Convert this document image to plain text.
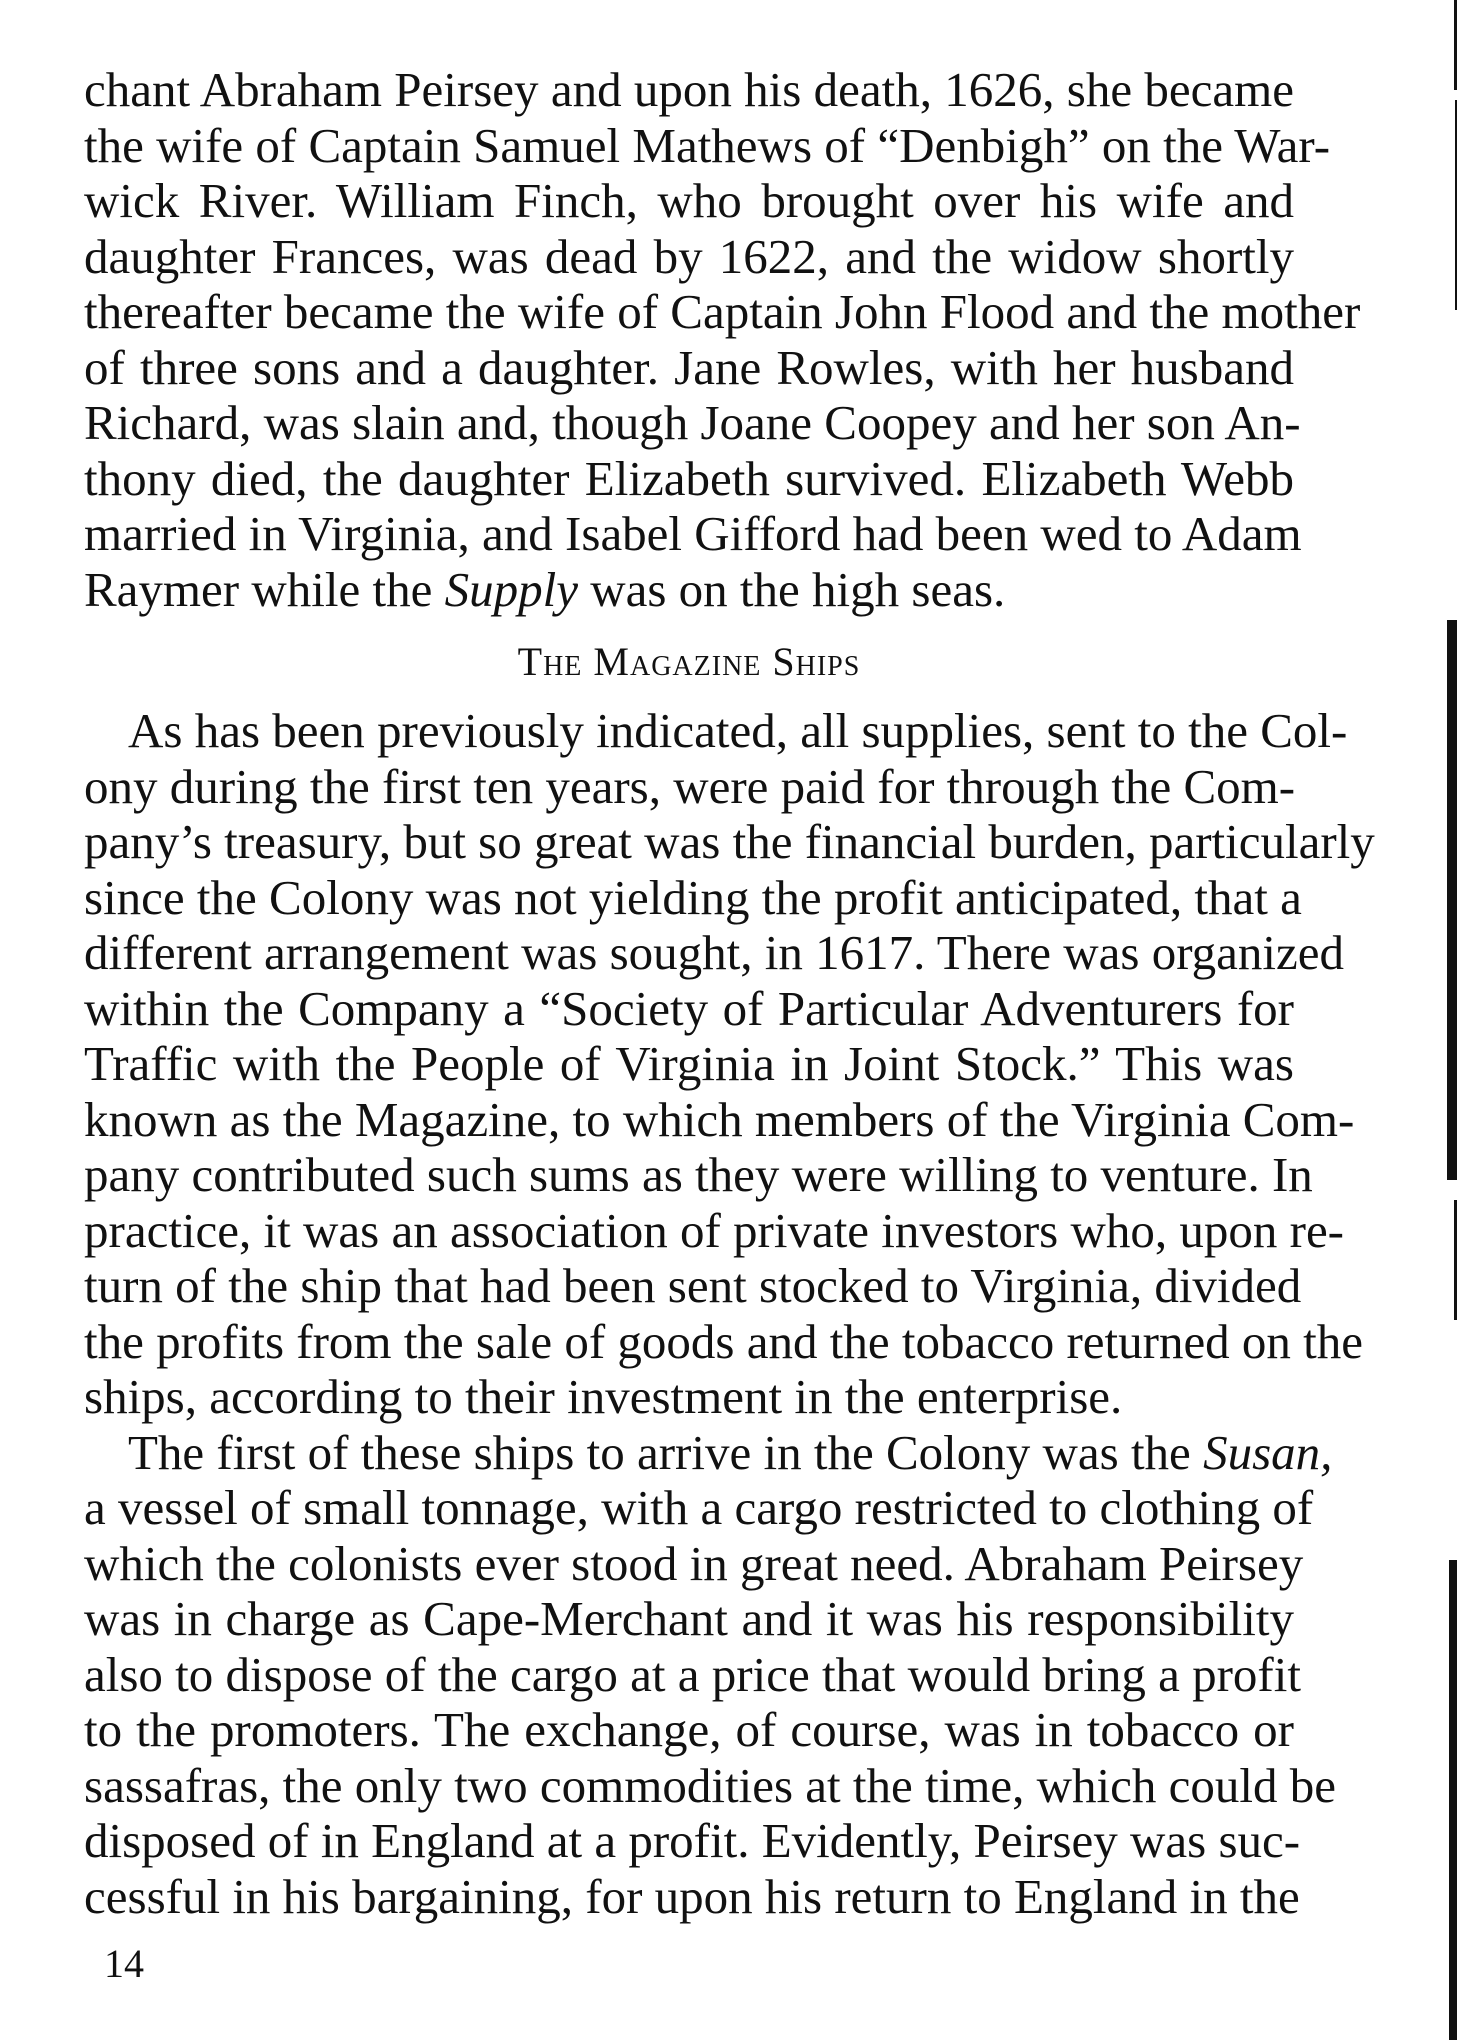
chant Abraham Peirsey and upon his death, 1626, she became
the wife of Captain Samuel Mathews of “Denbigh” on the War-
wick River. William Finch, who brought over his wife and
daughter Frances, was dead by 1622, and the widow shortly
thereafter became the wife of Captain John Flood and the mother
of three sons and a daughter. Jane Rowles, with her husband
Richard, was slain and, though Joane Coopey and her son An-
thony died, the daughter Elizabeth survived. Elizabeth Webb
married in Virginia, and Isabel Gifford had been wed to Adam
Raymer while the Supply was on the high seas.
The Magazine Ships
As has been previously indicated, all supplies, sent to the Col-
ony during the first ten years, were paid for through the Com-
pany’s treasury, but so great was the financial burden, particularly
since the Colony was not yielding the profit anticipated, that a
different arrangement was sought, in 1617. There was organized
within the Company a “Society of Particular Adventurers for
Traffic with the People of Virginia in Joint Stock.” This was
known as the Magazine, to which members of the Virginia Com-
pany contributed such sums as they were willing to venture. In
practice, it was an association of private investors who, upon re-
turn of the ship that had been sent stocked to Virginia, divided
the profits from the sale of goods and the tobacco returned on the
ships, according to their investment in the enterprise.
The first of these ships to arrive in the Colony was the Susan,
a vessel of small tonnage, with a cargo restricted to clothing of
which the colonists ever stood in great need. Abraham Peirsey
was in charge as Cape-Merchant and it was his responsibility
also to dispose of the cargo at a price that would bring a profit
to the promoters. The exchange, of course, was in tobacco or
sassafras, the only two commodities at the time, which could be
disposed of in England at a profit. Evidently, Peirsey was suc-
cessful in his bargaining, for upon his return to England in the
14
